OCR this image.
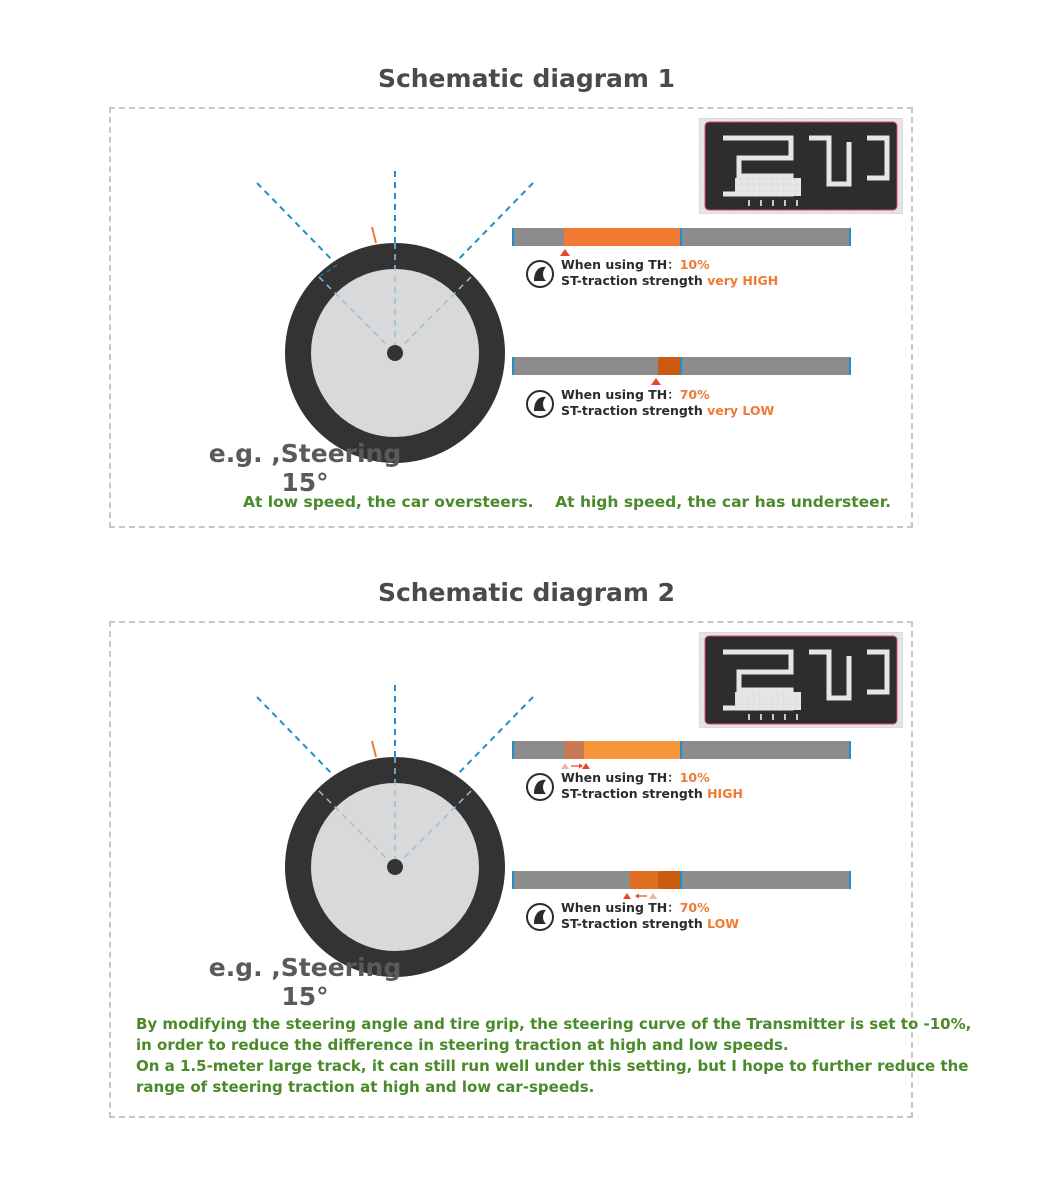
Schematic diagram 1
e.g. ,Steering 15°
When using TH：10%
ST-traction strength very HIGH
When using TH：70%
ST-traction strength very LOW
At low speed, the car oversteers.    At high speed, the car has understeer.
Schematic diagram 2
e.g. ,Steering 15°
When using TH：10%
ST-traction strength HIGH
When using TH：70%
ST-traction strength LOW
By modifying the steering angle and tire grip, the steering curve of the Transmitter is set to -10%,
in order to reduce the difference in steering traction at high and low speeds.
On a 1.5-meter large track, it can still run well under this setting, but I hope to further reduce the
range of steering traction at high and low car-speeds.
